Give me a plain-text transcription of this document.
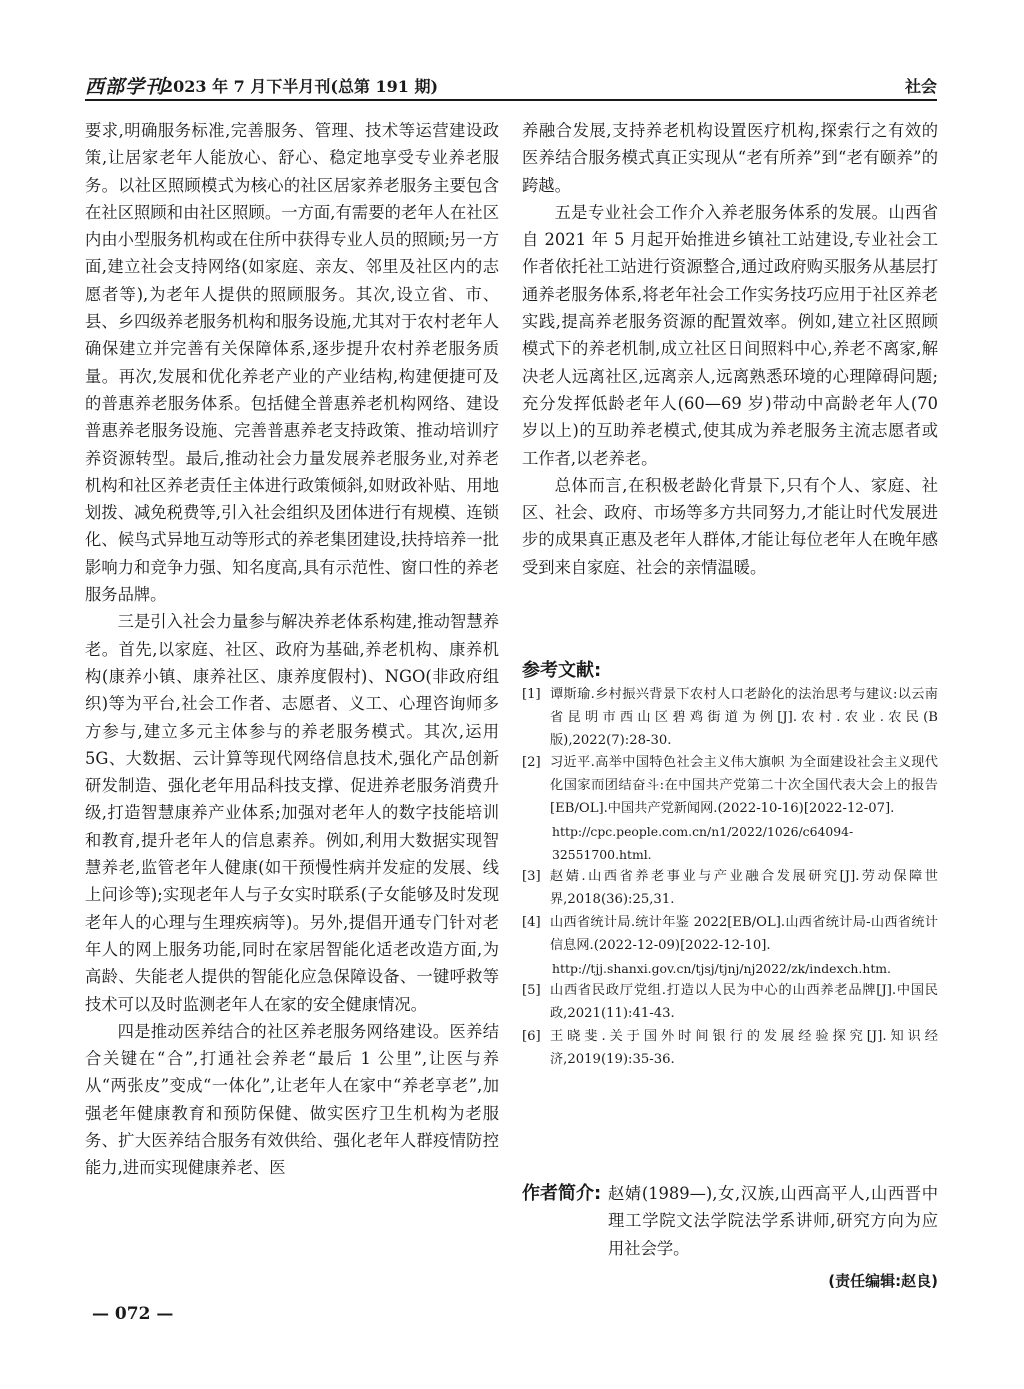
西部学刊
2023 年 7 月下半月刊(总第 191 期)	社会

要求,明确服务标准,完善服务、管理、技术等运营建设政策,让居家老年人能放心、舒心、稳定地享受专业养老服务。以社区照顾模式为核心的社区居家养老服务主要包含在社区照顾和由社区照顾。一方面,有需要的老年人在社区内由小型服务机构或在住所中获得专业人员的照顾;另一方面,建立社会支持网络(如家庭、亲友、邻里及社区内的志愿者等),为老年人提供的照顾服务。其次,设立省、市、县、乡四级养老服务机构和服务设施,尤其对于农村老年人确保建立并完善有关保障体系,逐步提升农村养老服务质量。再次,发展和优化养老产业的产业结构,构建便捷可及的普惠养老服务体系。包括健全普惠养老机构网络、建设普惠养老服务设施、完善普惠养老支持政策、推动培训疗养资源转型。最后,推动社会力量发展养老服务业,对养老机构和社区养老责任主体进行政策倾斜,如财政补贴、用地划拨、减免税费等,引入社会组织及团体进行有规模、连锁化、候鸟式异地互动等形式的养老集团建设,扶持培养一批影响力和竞争力强、知名度高,具有示范性、窗口性的养老服务品牌。

三是引入社会力量参与解决养老体系构建,推动智慧养老。首先,以家庭、社区、政府为基础,养老机构、康养机构(康养小镇、康养社区、康养度假村)、NGO(非政府组织)等为平台,社会工作者、志愿者、义工、心理咨询师多方参与,建立多元主体参与的养老服务模式。其次,运用 5G、大数据、云计算等现代网络信息技术,强化产品创新研发制造、强化老年用品科技支撑、促进养老服务消费升级,打造智慧康养产业体系;加强对老年人的数字技能培训和教育,提升老年人的信息素养。例如,利用大数据实现智慧养老,监管老年人健康(如干预慢性病并发症的发展、线上问诊等);实现老年人与子女实时联系(子女能够及时发现老年人的心理与生理疾病等)。另外,提倡开通专门针对老年人的网上服务功能,同时在家居智能化适老改造方面,为高龄、失能老人提供的智能化应急保障设备、一键呼救等技术可以及时监测老年人在家的安全健康情况。

四是推动医养结合的社区养老服务网络建设。医养结合关键在“合”,打通社会养老“最后 1 公里”,让医与养从“两张皮”变成“一体化”,让老年人在家中“养老享老”,加强老年健康教育和预防保健、做实医疗卫生机构为老服务、扩大医养结合服务有效供给、强化老年人群疫情防控能力,进而实现健康养老、医

养融合发展,支持养老机构设置医疗机构,探索行之有效的医养结合服务模式真正实现从“老有所养”到“老有颐养”的跨越。

五是专业社会工作介入养老服务体系的发展。山西省自 2021 年 5 月起开始推进乡镇社工站建设,专业社会工作者依托社工站进行资源整合,通过政府购买服务从基层打通养老服务体系,将老年社会工作实务技巧应用于社区养老实践,提高养老服务资源的配置效率。例如,建立社区照顾模式下的养老机制,成立社区日间照料中心,养老不离家,解决老人远离社区,远离亲人,远离熟悉环境的心理障碍问题;充分发挥低龄老年人(60—69 岁)带动中高龄老年人(70 岁以上)的互助养老模式,使其成为养老服务主流志愿者或工作者,以老养老。

总体而言,在积极老龄化背景下,只有个人、家庭、社区、社会、政府、市场等多方共同努力,才能让时代发展进步的成果真正惠及老年人群体,才能让每位老年人在晚年感受到来自家庭、社会的亲情温暖。

参考文献:
[1] 谭斯瑜.乡村振兴背景下农村人口老龄化的法治思考与建议:以云南省昆明市西山区碧鸡街道为例[J].农村.农业.农民(B 版),2022(7):28-30.
[2] 习近平.高举中国特色社会主义伟大旗帜 为全面建设社会主义现代化国家而团结奋斗:在中国共产党第二十次全国代表大会上的报告[EB/OL].中国共产党新闻网.(2022-10-16)[2022-12-07].
http://cpc.people.com.cn/n1/2022/1026/c64094-32551700.html.
[3] 赵婧.山西省养老事业与产业融合发展研究[J].劳动保障世界,2018(36):25,31.
[4] 山西省统计局.统计年鉴 2022[EB/OL].山西省统计局-山西省统计信息网.(2022-12-09)[2022-12-10].
http://tjj.shanxi.gov.cn/tjsj/tjnj/nj2022/zk/indexch.htm.
[5] 山西省民政厅党组.打造以人民为中心的山西养老品牌[J].中国民政,2021(11):41-43.
[6] 王晓斐.关于国外时间银行的发展经验探究[J].知识经济,2019(19):35-36.
作者简介: 赵婧(1989—),女,汉族,山西高平人,山西晋中理工学院文法学院法学系讲师,研究方向为应用社会学。
(责任编辑:赵良)
— 072 —
